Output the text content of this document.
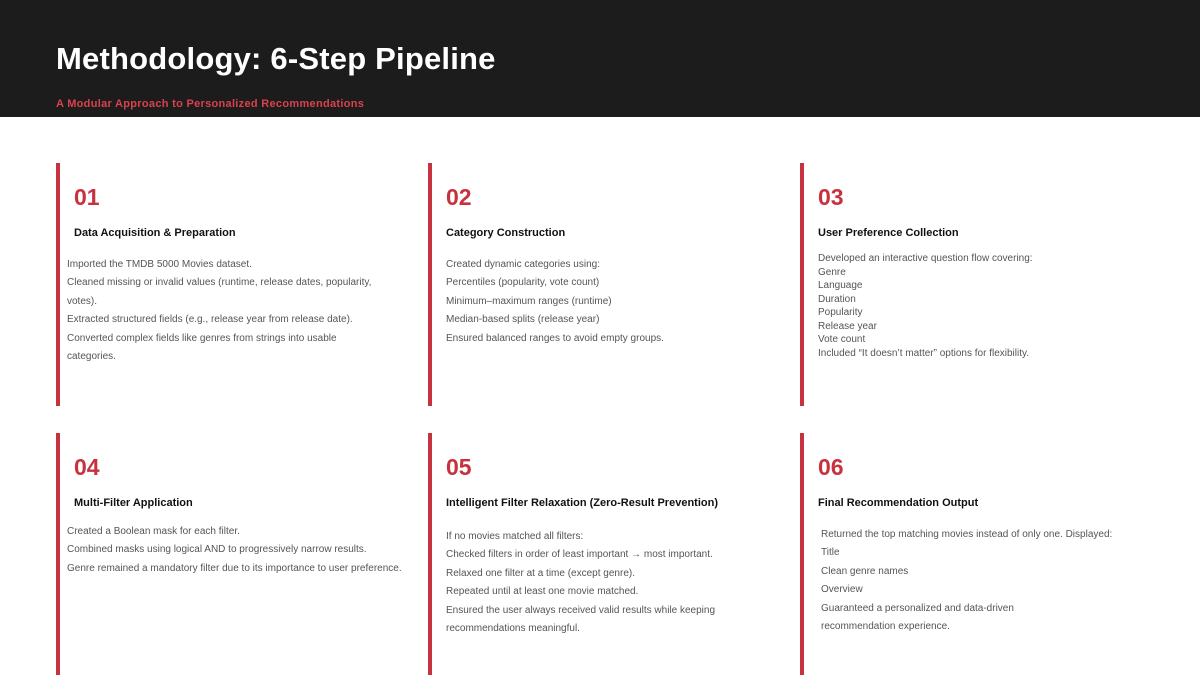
Methodology: 6-Step Pipeline
A Modular Approach to Personalized Recommendations
01
Data Acquisition & Preparation
Imported the TMDB 5000 Movies dataset.
Cleaned missing or invalid values (runtime, release dates, popularity,
votes).
Extracted structured fields (e.g., release year from release date).
Converted complex fields like genres from strings into usable
categories.
02
Category Construction
Created dynamic categories using:
Percentiles (popularity, vote count)
Minimum–maximum ranges (runtime)
Median-based splits (release year)
Ensured balanced ranges to avoid empty groups.
03
User Preference Collection
Developed an interactive question flow covering:
Genre
Language
Duration
Popularity
Release year
Vote count
Included “It doesn’t matter” options for flexibility.
04
Multi-Filter Application
Created a Boolean mask for each filter.
Combined masks using logical AND to progressively narrow results.
Genre remained a mandatory filter due to its importance to user preference.
05
Intelligent Filter Relaxation (Zero-Result Prevention)
If no movies matched all filters:
Checked filters in order of least important → most important.
Relaxed one filter at a time (except genre).
Repeated until at least one movie matched.
Ensured the user always received valid results while keeping
recommendations meaningful.
06
Final Recommendation Output
Returned the top matching movies instead of only one. Displayed:
Title
Clean genre names
Overview
Guaranteed a personalized and data-driven
recommendation experience.
